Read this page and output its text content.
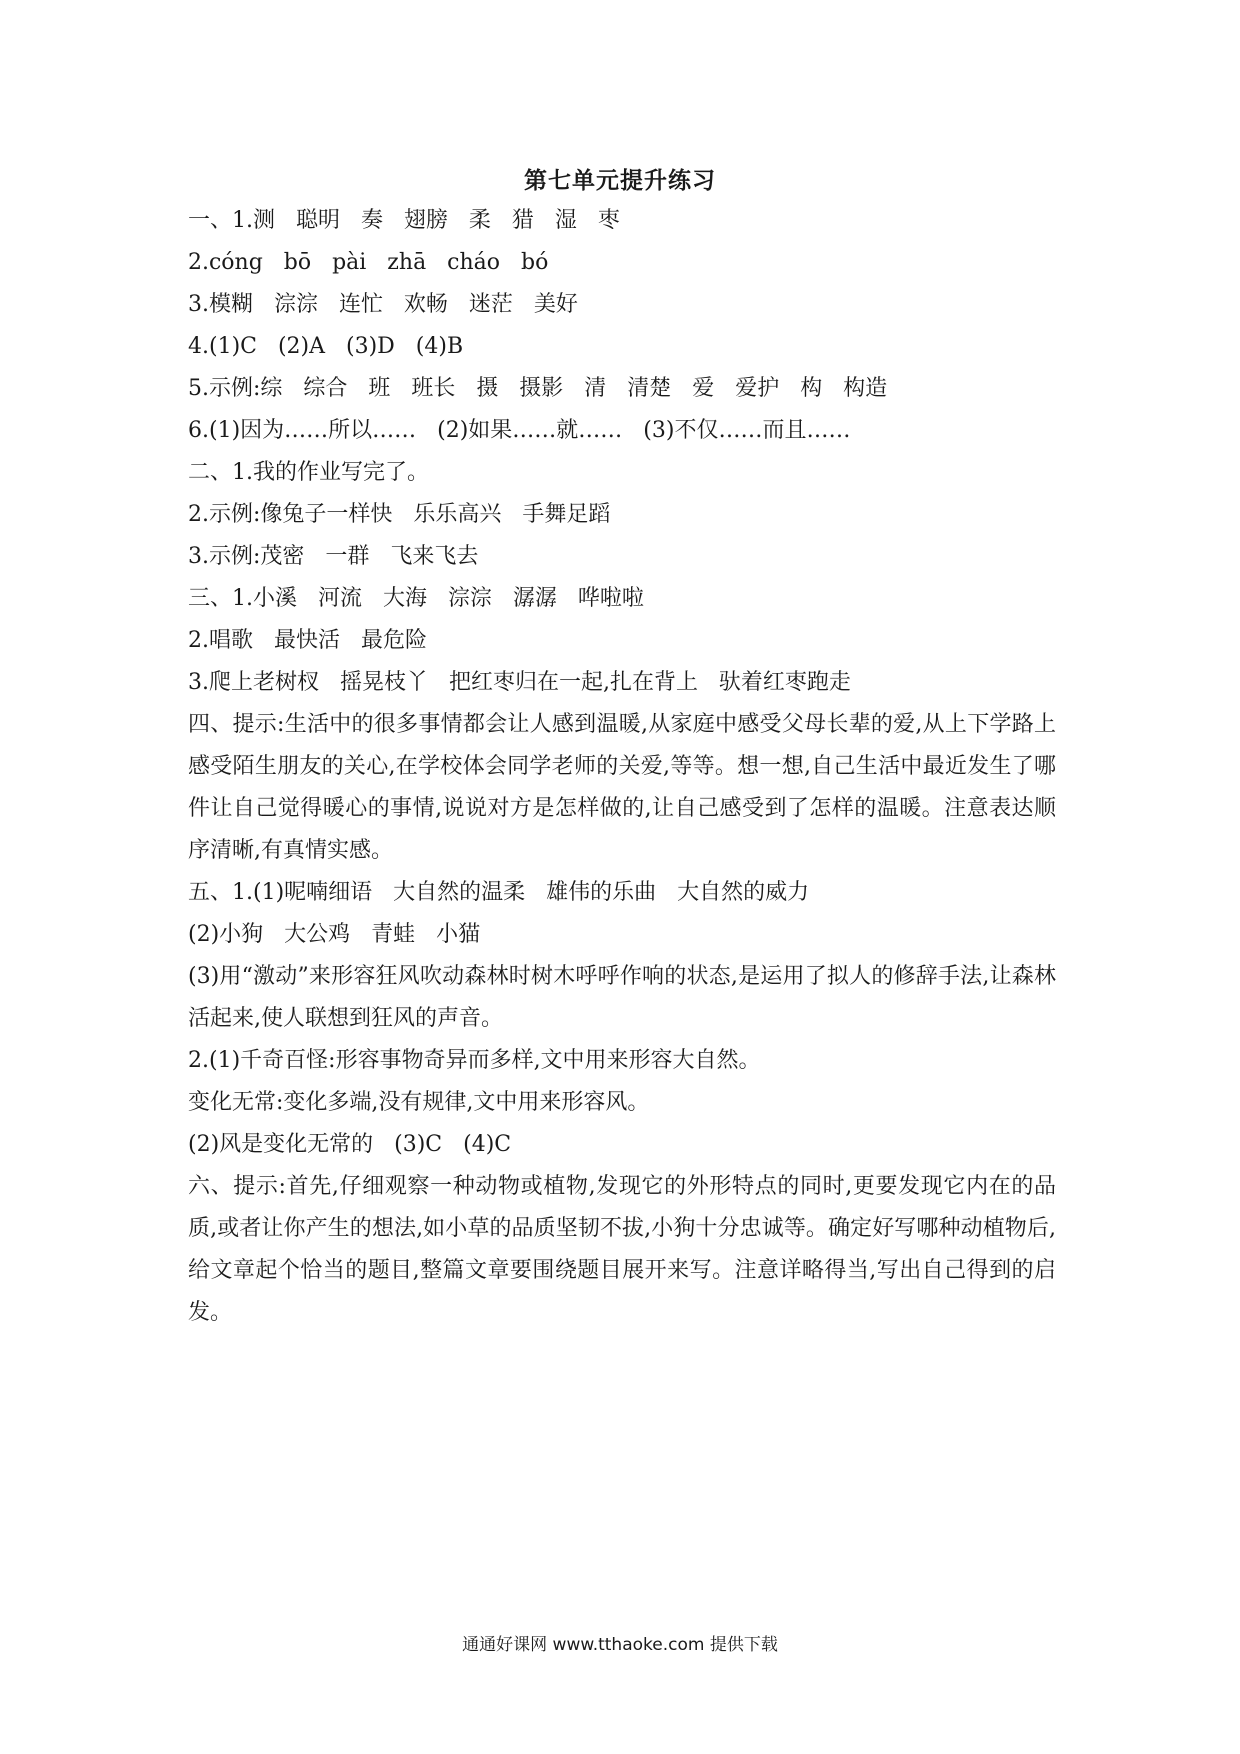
第七单元提升练习
一、1.测   聪明   奏   翅膀   柔   猎   湿   枣
2.cóng   bō   pài   zhā   cháo   bó
3.模糊   淙淙   连忙   欢畅   迷茫   美好
4.(1)C   (2)A   (3)D   (4)B
5.示例:综   综合   班   班长   摄   摄影   清   清楚   爱   爱护   构   构造
6.(1)因为……所以……   (2)如果……就……   (3)不仅……而且……
二、1.我的作业写完了。
2.示例:像兔子一样快   乐乐高兴   手舞足蹈
3.示例:茂密   一群   飞来飞去
三、1.小溪   河流   大海   淙淙   潺潺   哗啦啦
2.唱歌   最快活   最危险
3.爬上老树杈   摇晃枝丫   把红枣归在一起,扎在背上   驮着红枣跑走
四、提示:生活中的很多事情都会让人感到温暖,从家庭中感受父母长辈的爱,从上下学路上感受陌生朋友的关心,在学校体会同学老师的关爱,等等。想一想,自己生活中最近发生了哪件让自己觉得暖心的事情,说说对方是怎样做的,让自己感受到了怎样的温暖。注意表达顺序清晰,有真情实感。
五、1.(1)呢喃细语   大自然的温柔   雄伟的乐曲   大自然的威力
(2)小狗   大公鸡   青蛙   小猫
(3)用“激动”来形容狂风吹动森林时树木呼呼作响的状态,是运用了拟人的修辞手法,让森林活起来,使人联想到狂风的声音。
2.(1)千奇百怪:形容事物奇异而多样,文中用来形容大自然。
变化无常:变化多端,没有规律,文中用来形容风。
(2)风是变化无常的   (3)C   (4)C
六、提示:首先,仔细观察一种动物或植物,发现它的外形特点的同时,更要发现它内在的品质,或者让你产生的想法,如小草的品质坚韧不拔,小狗十分忠诚等。确定好写哪种动植物后,给文章起个恰当的题目,整篇文章要围绕题目展开来写。注意详略得当,写出自己得到的启发。
通通好课网 www.tthaoke.com 提供下载
